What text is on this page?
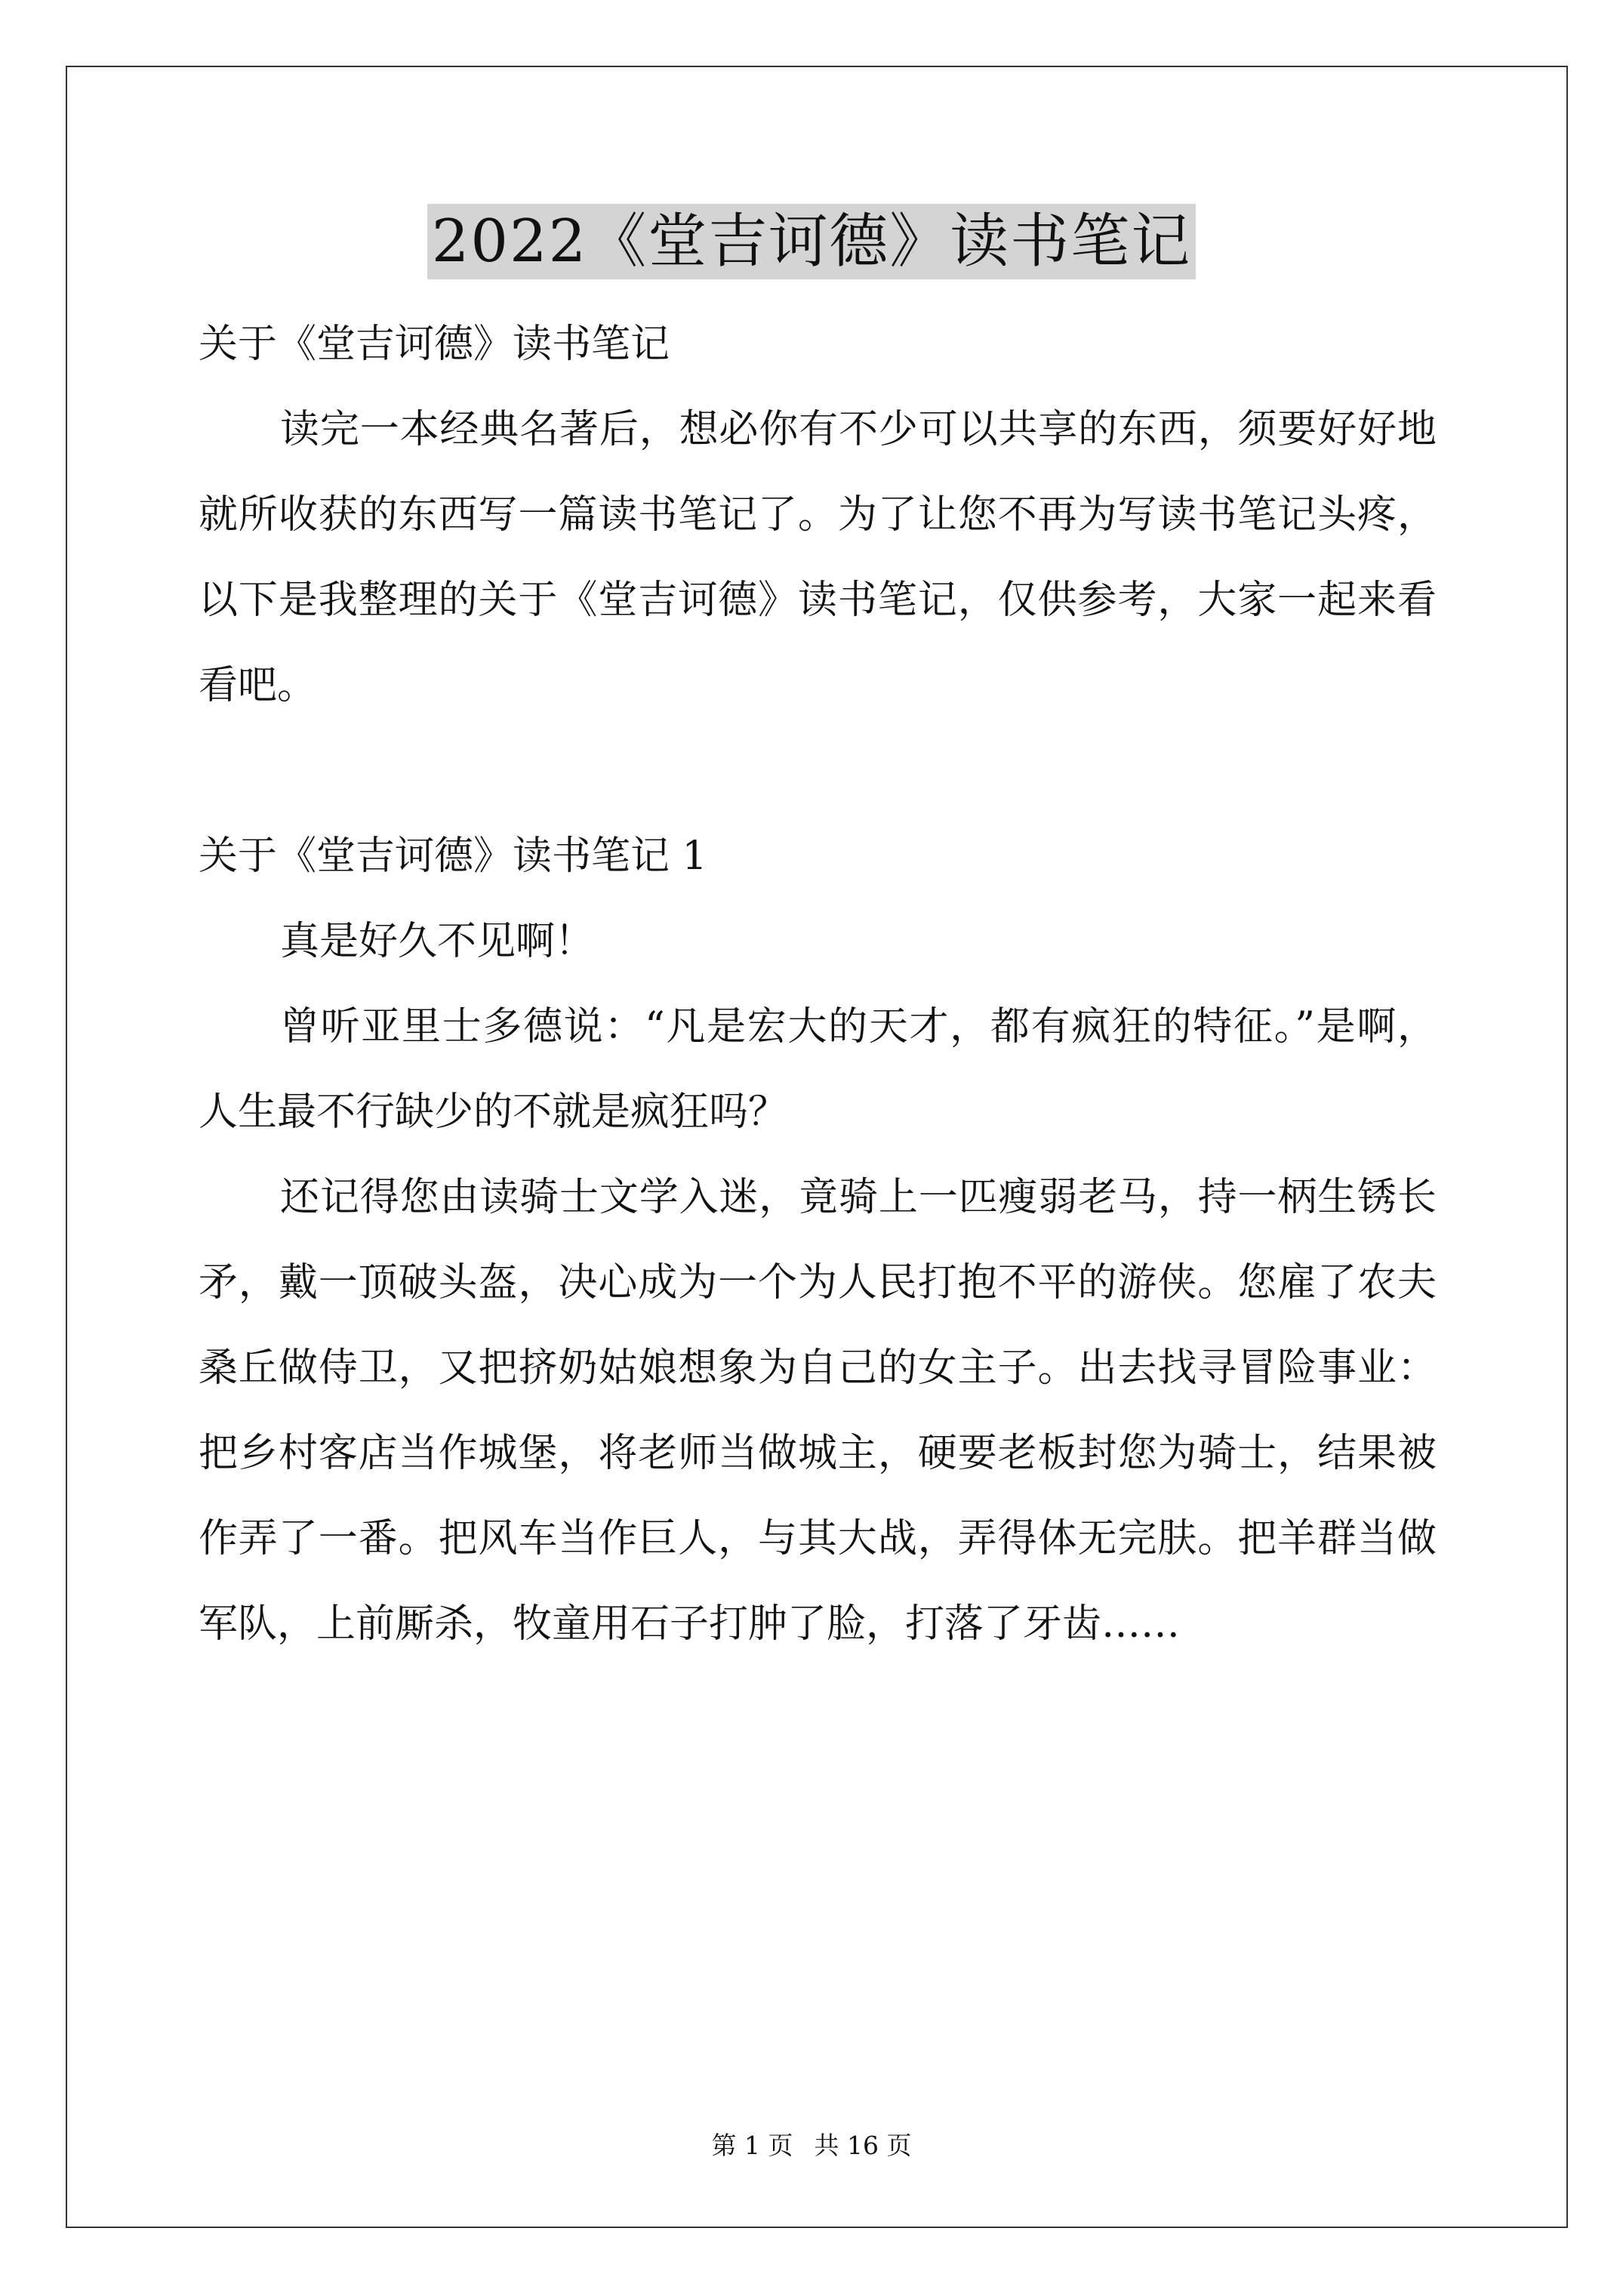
2022《堂吉诃德》读书笔记

关于《堂吉诃德》读书笔记

读完一本经典名著后，想必你有不少可以共享的东西，须要好好地就所收获的东西写一篇读书笔记了。为了让您不再为写读书笔记头疼，以下是我整理的关于《堂吉诃德》读书笔记，仅供参考，大家一起来看看吧。

关于《堂吉诃德》读书笔记 1

真是好久不见啊！

曾听亚里士多德说：“凡是宏大的天才，都有疯狂的特征。”是啊，人生最不行缺少的不就是疯狂吗？

还记得您由读骑士文学入迷，竟骑上一匹瘦弱老马，持一柄生锈长矛，戴一顶破头盔，决心成为一个为人民打抱不平的游侠。您雇了农夫桑丘做侍卫，又把挤奶姑娘想象为自己的女主子。出去找寻冒险事业：把乡村客店当作城堡，将老师当做城主，硬要老板封您为骑士，结果被作弄了一番。把风车当作巨人，与其大战，弄得体无完肤。把羊群当做军队，上前厮杀，牧童用石子打肿了脸，打落了牙齿……

第 1 页 共 16 页
